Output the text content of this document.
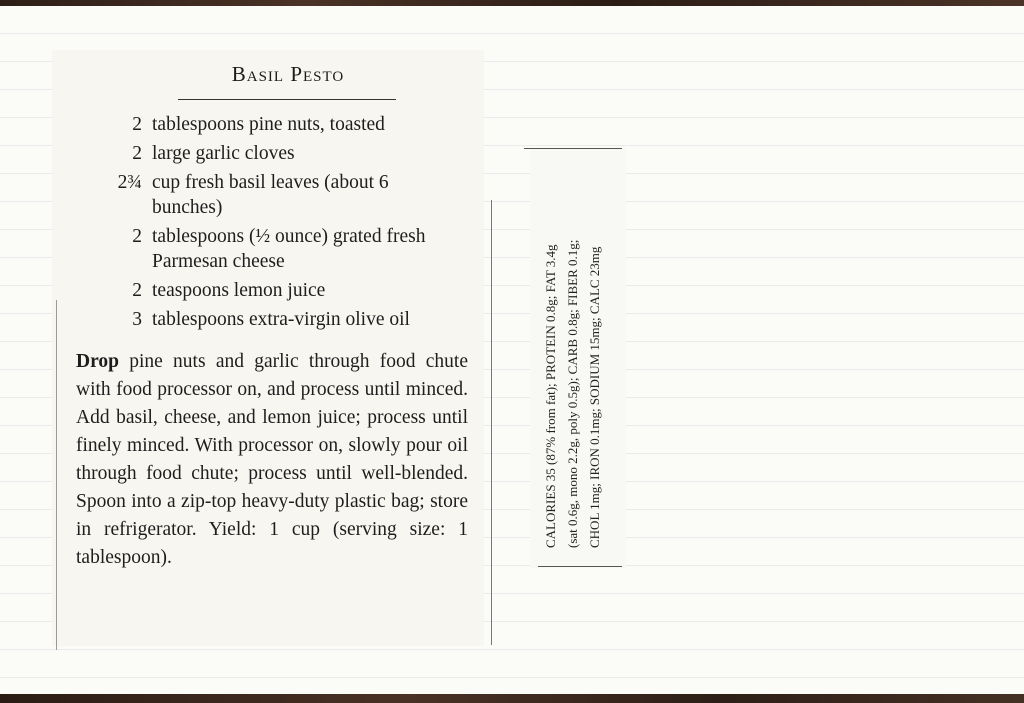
Basil Pesto
2 tablespoons pine nuts, toasted
2 large garlic cloves
2¾ cup fresh basil leaves (about 6 bunches)
2 tablespoons (½ ounce) grated fresh Parmesan cheese
2 teaspoons lemon juice
3 tablespoons extra-virgin olive oil
Drop pine nuts and garlic through food chute with food processor on, and process until minced. Add basil, cheese, and lemon juice; process until finely minced. With processor on, slowly pour oil through food chute; process until well-blended. Spoon into a zip-top heavy-duty plastic bag; store in refrigerator. Yield: 1 cup (serving size: 1 tablespoon).
CALORIES 35 (87% from fat); PROTEIN 0.8g; FAT 3.4g (sat 0.6g, mono 2.2g, poly 0.5g); CARB 0.8g; FIBER 0.1g; CHOL 1mg; IRON 0.1mg; SODIUM 15mg; CALC 23mg
